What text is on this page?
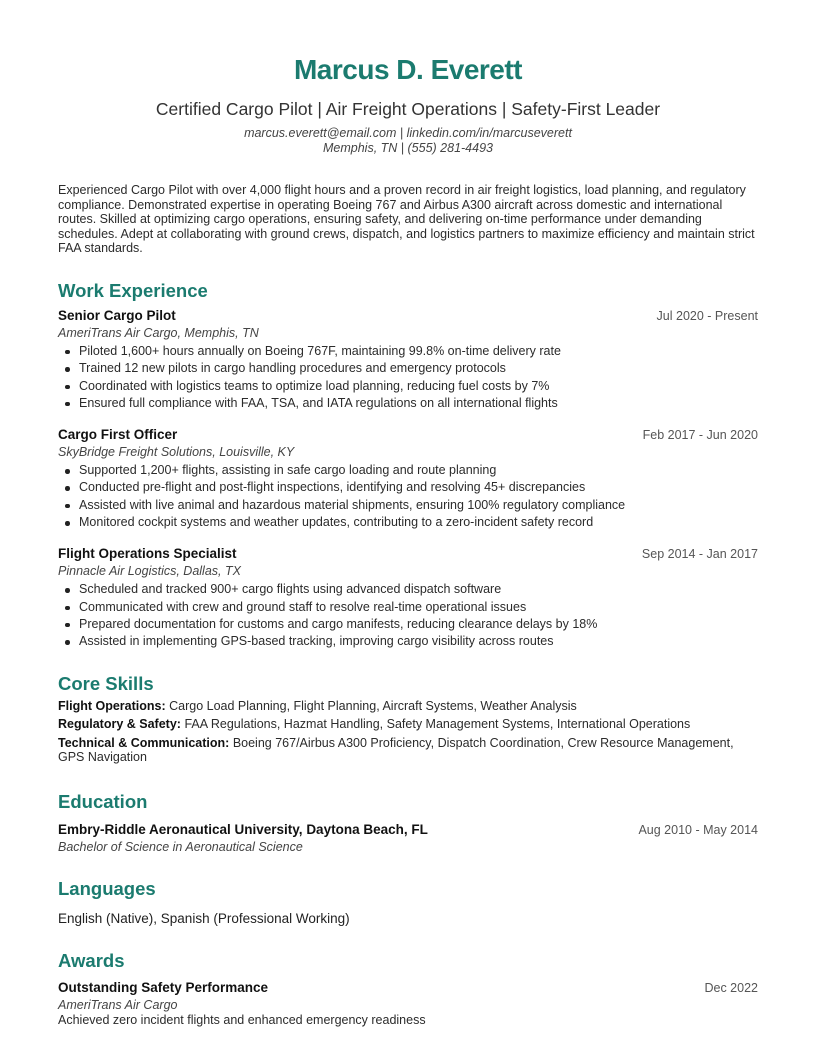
Marcus D. Everett
Certified Cargo Pilot | Air Freight Operations | Safety-First Leader
marcus.everett@email.com | linkedin.com/in/marcuseverett
Memphis, TN | (555) 281-4493

Experienced Cargo Pilot with over 4,000 flight hours and a proven record in air freight logistics, load planning, and regulatory compliance. Demonstrated expertise in operating Boeing 767 and Airbus A300 aircraft across domestic and international routes. Skilled at optimizing cargo operations, ensuring safety, and delivering on-time performance under demanding schedules. Adept at collaborating with ground crews, dispatch, and logistics partners to maximize efficiency and maintain strict FAA standards.

Work Experience
Senior Cargo Pilot	Jul 2020 - Present
AmeriTrans Air Cargo, Memphis, TN
Piloted 1,600+ hours annually on Boeing 767F, maintaining 99.8% on-time delivery rate
Trained 12 new pilots in cargo handling procedures and emergency protocols
Coordinated with logistics teams to optimize load planning, reducing fuel costs by 7%
Ensured full compliance with FAA, TSA, and IATA regulations on all international flights
Cargo First Officer	Feb 2017 - Jun 2020
SkyBridge Freight Solutions, Louisville, KY
Supported 1,200+ flights, assisting in safe cargo loading and route planning
Conducted pre-flight and post-flight inspections, identifying and resolving 45+ discrepancies
Assisted with live animal and hazardous material shipments, ensuring 100% regulatory compliance
Monitored cockpit systems and weather updates, contributing to a zero-incident safety record
Flight Operations Specialist	Sep 2014 - Jan 2017
Pinnacle Air Logistics, Dallas, TX
Scheduled and tracked 900+ cargo flights using advanced dispatch software
Communicated with crew and ground staff to resolve real-time operational issues
Prepared documentation for customs and cargo manifests, reducing clearance delays by 18%
Assisted in implementing GPS-based tracking, improving cargo visibility across routes
Core Skills

Flight Operations: Cargo Load Planning, Flight Planning, Aircraft Systems, Weather Analysis

Regulatory & Safety: FAA Regulations, Hazmat Handling, Safety Management Systems, International Operations

Technical & Communication: Boeing 767/Airbus A300 Proficiency, Dispatch Coordination, Crew Resource Management, GPS Navigation

Education
Embry-Riddle Aeronautical University, Daytona Beach, FL	Aug 2010 - May 2014
Bachelor of Science in Aeronautical Science
Languages
English (Native), Spanish (Professional Working)
Awards
Outstanding Safety Performance	Dec 2022
AmeriTrans Air Cargo
Achieved zero incident flights and enhanced emergency readiness
